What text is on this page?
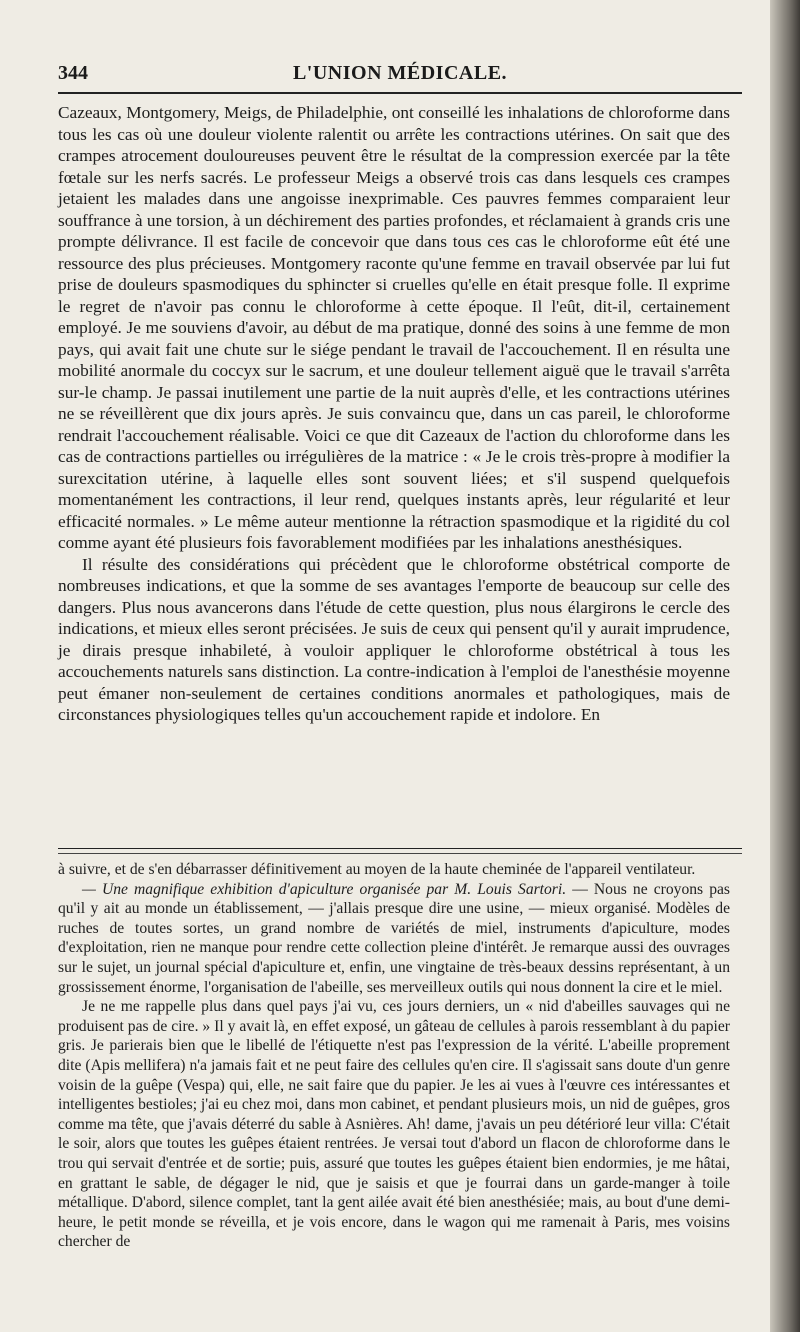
344	L'UNION MÉDICALE.

Cazeaux, Montgomery, Meigs, de Philadelphie, ont conseillé les inhalations de chloroforme dans tous les cas où une douleur violente ralentit ou arrête les contractions utérines. On sait que des crampes atrocement douloureuses peuvent être le résultat de la compression exercée par la tête fœtale sur les nerfs sacrés. Le professeur Meigs a observé trois cas dans lesquels ces crampes jetaient les malades dans une angoisse inexprimable. Ces pauvres femmes comparaient leur souffrance à une torsion, à un déchirement des parties profondes, et réclamaient à grands cris une prompte délivrance. Il est facile de concevoir que dans tous ces cas le chloroforme eût été une ressource des plus précieuses. Montgomery raconte qu'une femme en travail observée par lui fut prise de douleurs spasmodiques du sphincter si cruelles qu'elle en était presque folle. Il exprime le regret de n'avoir pas connu le chloroforme à cette époque. Il l'eût, dit-il, certainement employé. Je me souviens d'avoir, au début de ma pratique, donné des soins à une femme de mon pays, qui avait fait une chute sur le siége pendant le travail de l'accouchement. Il en résulta une mobilité anormale du coccyx sur le sacrum, et une douleur tellement aiguë que le travail s'arrêta sur-le champ. Je passai inutilement une partie de la nuit auprès d'elle, et les contractions utérines ne se réveillèrent que dix jours après. Je suis convaincu que, dans un cas pareil, le chloroforme rendrait l'accouchement réalisable. Voici ce que dit Cazeaux de l'action du chloroforme dans les cas de contractions partielles ou irrégulières de la matrice : « Je le crois très-propre à modifier la surexcitation utérine, à laquelle elles sont souvent liées; et s'il suspend quelquefois momentanément les contractions, il leur rend, quelques instants après, leur régularité et leur efficacité normales. » Le même auteur mentionne la rétraction spasmodique et la rigidité du col comme ayant été plusieurs fois favorablement modifiées par les inhalations anesthésiques.

Il résulte des considérations qui précèdent que le chloroforme obstétrical comporte de nombreuses indications, et que la somme de ses avantages l'emporte de beaucoup sur celle des dangers. Plus nous avancerons dans l'étude de cette question, plus nous élargirons le cercle des indications, et mieux elles seront précisées. Je suis de ceux qui pensent qu'il y aurait imprudence, je dirais presque inhabileté, à vouloir appliquer le chloroforme obstétrical à tous les accouchements naturels sans distinction. La contre-indication à l'emploi de l'anesthésie moyenne peut émaner non-seulement de certaines conditions anormales et pathologiques, mais de circonstances physiologiques telles qu'un accouchement rapide et indolore. En

à suivre, et de s'en débarrasser définitivement au moyen de la haute cheminée de l'appareil ventilateur.

— Une magnifique exhibition d'apiculture organisée par M. Louis Sartori. — Nous ne croyons pas qu'il y ait au monde un établissement, — j'allais presque dire une usine, — mieux organisé. Modèles de ruches de toutes sortes, un grand nombre de variétés de miel, instruments d'apiculture, modes d'exploitation, rien ne manque pour rendre cette collection pleine d'intérêt. Je remarque aussi des ouvrages sur le sujet, un journal spécial d'apiculture et, enfin, une vingtaine de très-beaux dessins représentant, à un grossissement énorme, l'organisation de l'abeille, ses merveilleux outils qui nous donnent la cire et le miel.

Je ne me rappelle plus dans quel pays j'ai vu, ces jours derniers, un « nid d'abeilles sauvages qui ne produisent pas de cire. » Il y avait là, en effet exposé, un gâteau de cellules à parois ressemblant à du papier gris. Je parierais bien que le libellé de l'étiquette n'est pas l'expression de la vérité. L'abeille proprement dite (Apis mellifera) n'a jamais fait et ne peut faire des cellules qu'en cire. Il s'agissait sans doute d'un genre voisin de la guêpe (Vespa) qui, elle, ne sait faire que du papier. Je les ai vues à l'œuvre ces intéressantes et intelligentes bestioles; j'ai eu chez moi, dans mon cabinet, et pendant plusieurs mois, un nid de guêpes, gros comme ma tête, que j'avais déterré du sable à Asnières. Ah! dame, j'avais un peu détérioré leur villa: C'était le soir, alors que toutes les guêpes étaient rentrées. Je versai tout d'abord un flacon de chloroforme dans le trou qui servait d'entrée et de sortie; puis, assuré que toutes les guêpes étaient bien endormies, je me hâtai, en grattant le sable, de dégager le nid, que je saisis et que je fourrai dans un garde-manger à toile métallique. D'abord, silence complet, tant la gent ailée avait été bien anesthésiée; mais, au bout d'une demi-heure, le petit monde se réveilla, et je vois encore, dans le wagon qui me ramenait à Paris, mes voisins chercher de
